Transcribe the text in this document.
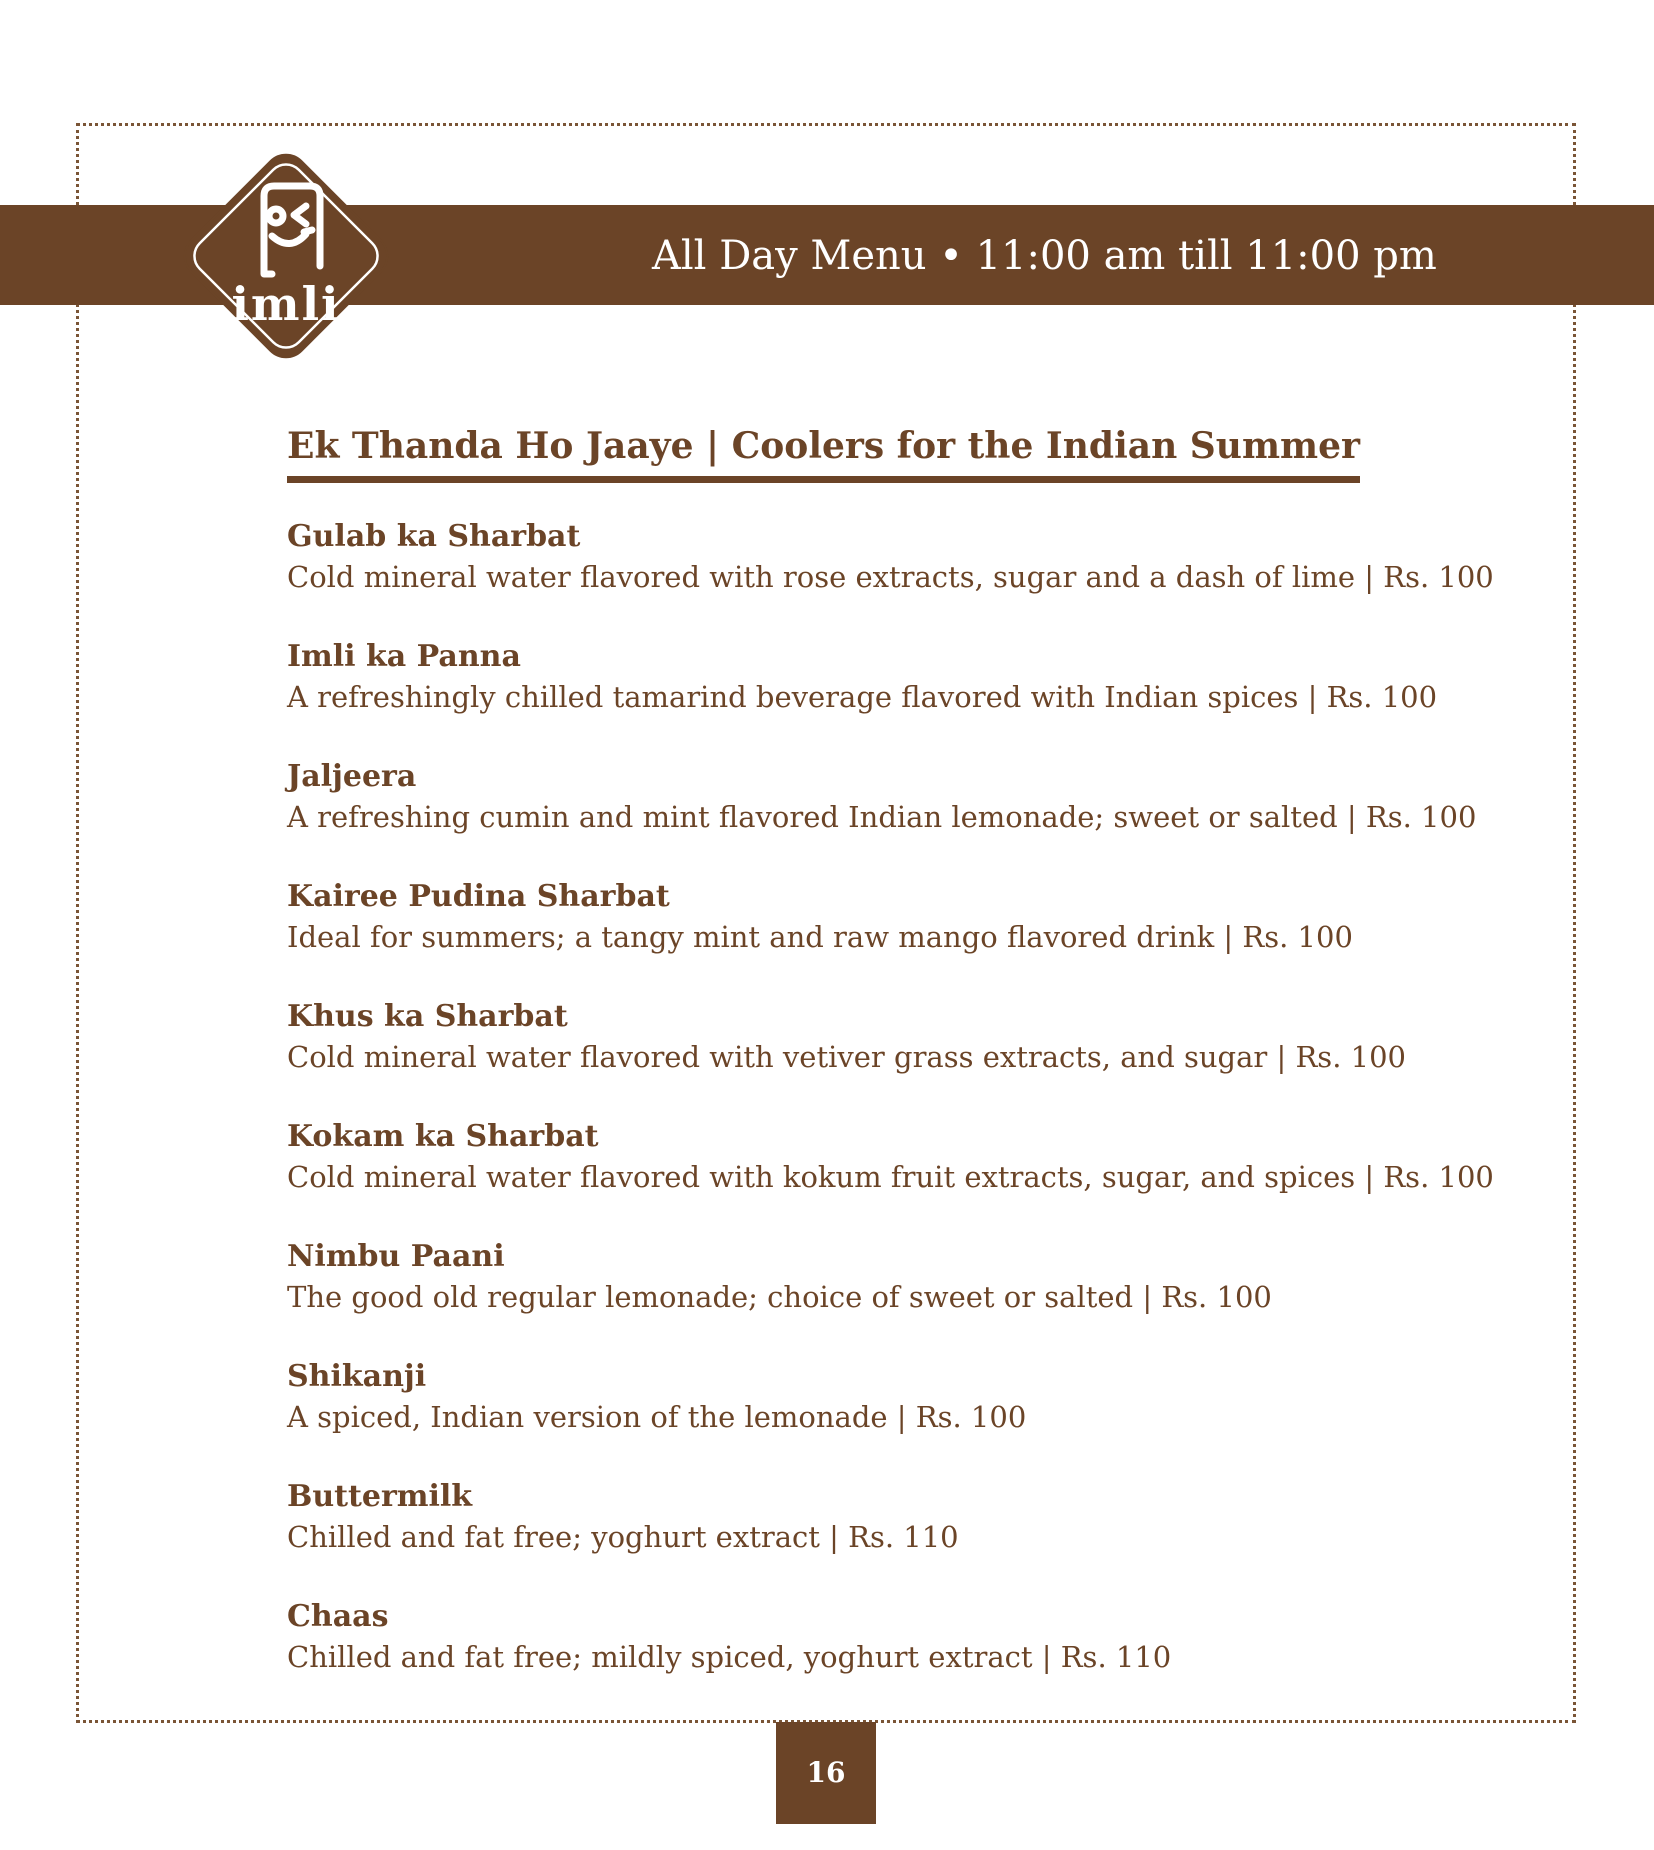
All Day Menu • 11:00 am till 11:00 pm
imli
Ek Thanda Ho Jaaye | Coolers for the Indian Summer
Gulab ka Sharbat
Cold mineral water flavored with rose extracts, sugar and a dash of lime | Rs. 100
Imli ka Panna
A refreshingly chilled tamarind beverage flavored with Indian spices | Rs. 100
Jaljeera
A refreshing cumin and mint flavored Indian lemonade; sweet or salted | Rs. 100
Kairee Pudina Sharbat
Ideal for summers; a tangy mint and raw mango flavored drink | Rs. 100
Khus ka Sharbat
Cold mineral water flavored with vetiver grass extracts, and sugar | Rs. 100
Kokam ka Sharbat
Cold mineral water flavored with kokum fruit extracts, sugar, and spices | Rs. 100
Nimbu Paani
The good old regular lemonade; choice of sweet or salted | Rs. 100
Shikanji
A spiced, Indian version of the lemonade | Rs. 100
Buttermilk
Chilled and fat free; yoghurt extract | Rs. 110
Chaas
Chilled and fat free; mildly spiced, yoghurt extract | Rs. 110
16
